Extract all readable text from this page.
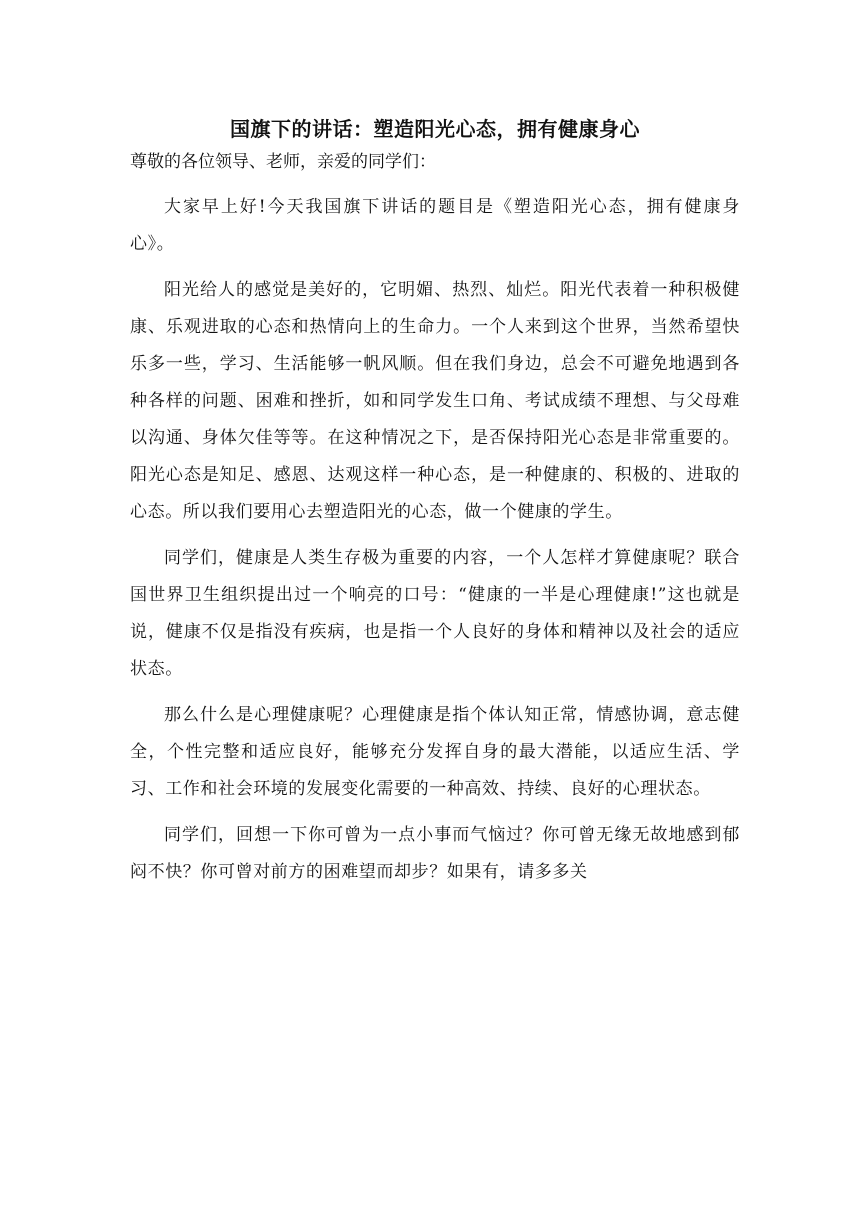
国旗下的讲话：塑造阳光心态，拥有健康身心

尊敬的各位领导、老师，亲爱的同学们：

大家早上好!今天我国旗下讲话的题目是《塑造阳光心态，拥有健康身心》。

阳光给人的感觉是美好的，它明媚、热烈、灿烂。阳光代表着一种积极健康、乐观进取的心态和热情向上的生命力。一个人来到这个世界，当然希望快乐多一些，学习、生活能够一帆风顺。但在我们身边，总会不可避免地遇到各种各样的问题、困难和挫折，如和同学发生口角、考试成绩不理想、与父母难以沟通、身体欠佳等等。在这种情况之下，是否保持阳光心态是非常重要的。阳光心态是知足、感恩、达观这样一种心态，是一种健康的、积极的、进取的心态。所以我们要用心去塑造阳光的心态，做一个健康的学生。

同学们，健康是人类生存极为重要的内容，一个人怎样才算健康呢？联合国世界卫生组织提出过一个响亮的口号：“健康的一半是心理健康!”这也就是说，健康不仅是指没有疾病，也是指一个人良好的身体和精神以及社会的适应状态。

那么什么是心理健康呢？心理健康是指个体认知正常，情感协调，意志健全，个性完整和适应良好，能够充分发挥自身的最大潜能，以适应生活、学习、工作和社会环境的发展变化需要的一种高效、持续、良好的心理状态。

同学们，回想一下你可曾为一点小事而气恼过？你可曾无缘无故地感到郁闷不快？你可曾对前方的困难望而却步？如果有，请多多关
